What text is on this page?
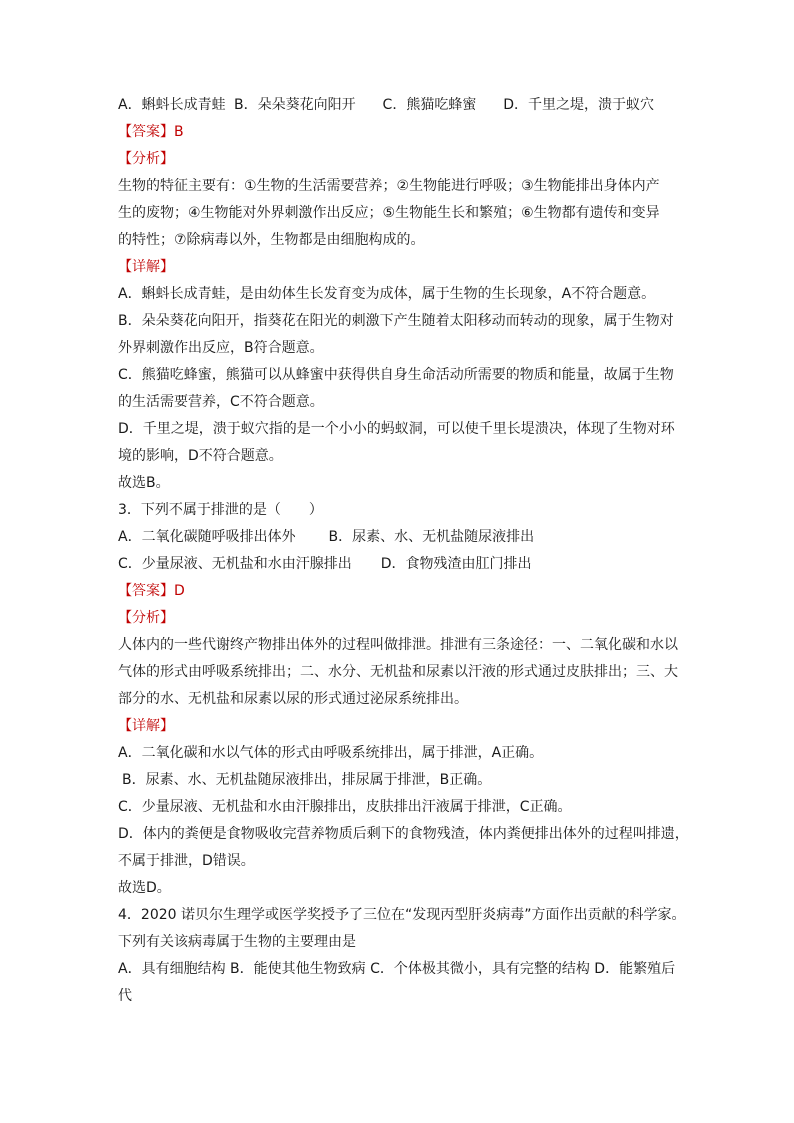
A．蝌蚪长成青蛙 B．朵朵葵花向阳开 C．熊猫吃蜂蜜 D．千里之堤，溃于蚁穴
【答案】B
【分析】
生物的特征主要有：①生物的生活需要营养；②生物能进行呼吸；③生物能排出身体内产
生的废物；④生物能对外界刺激作出反应；⑤生物能生长和繁殖；⑥生物都有遗传和变异
的特性；⑦除病毒以外，生物都是由细胞构成的。
【详解】
A．蝌蚪长成青蛙，是由幼体生长发育变为成体，属于生物的生长现象，A不符合题意。
B．朵朵葵花向阳开，指葵花在阳光的刺激下产生随着太阳移动而转动的现象，属于生物对
外界刺激作出反应，B符合题意。
C．熊猫吃蜂蜜，熊猫可以从蜂蜜中获得供自身生命活动所需要的物质和能量，故属于生物
的生活需要营养，C不符合题意。
D．千里之堤，溃于蚁穴指的是一个小小的蚂蚁洞，可以使千里长堤溃决，体现了生物对环
境的影响，D不符合题意。
故选B。
3．下列不属于排泄的是（　　）
A．二氧化碳随呼吸排出体外 B．尿素、水、无机盐随尿液排出
C．少量尿液、无机盐和水由汗腺排出 D．食物残渣由肛门排出
【答案】D
【分析】
人体内的一些代谢终产物排出体外的过程叫做排泄。排泄有三条途径：一、二氧化碳和水以
气体的形式由呼吸系统排出；二、水分、无机盐和尿素以汗液的形式通过皮肤排出；三、大
部分的水、无机盐和尿素以尿的形式通过泌尿系统排出。
【详解】
A．二氧化碳和水以气体的形式由呼吸系统排出，属于排泄，A正确。
B．尿素、水、无机盐随尿液排出，排尿属于排泄，B正确。
C．少量尿液、无机盐和水由汗腺排出，皮肤排出汗液属于排泄，C正确。
D．体内的粪便是食物吸收完营养物质后剩下的食物残渣，体内粪便排出体外的过程叫排遗，
不属于排泄，D错误。
故选D。
4．2020 诺贝尔生理学或医学奖授予了三位在“发现丙型肝炎病毒”方面作出贡献的科学家。
下列有关该病毒属于生物的主要理由是
A．具有细胞结构 B．能使其他生物致病 C．个体极其微小，具有完整的结构 D．能繁殖后
代
